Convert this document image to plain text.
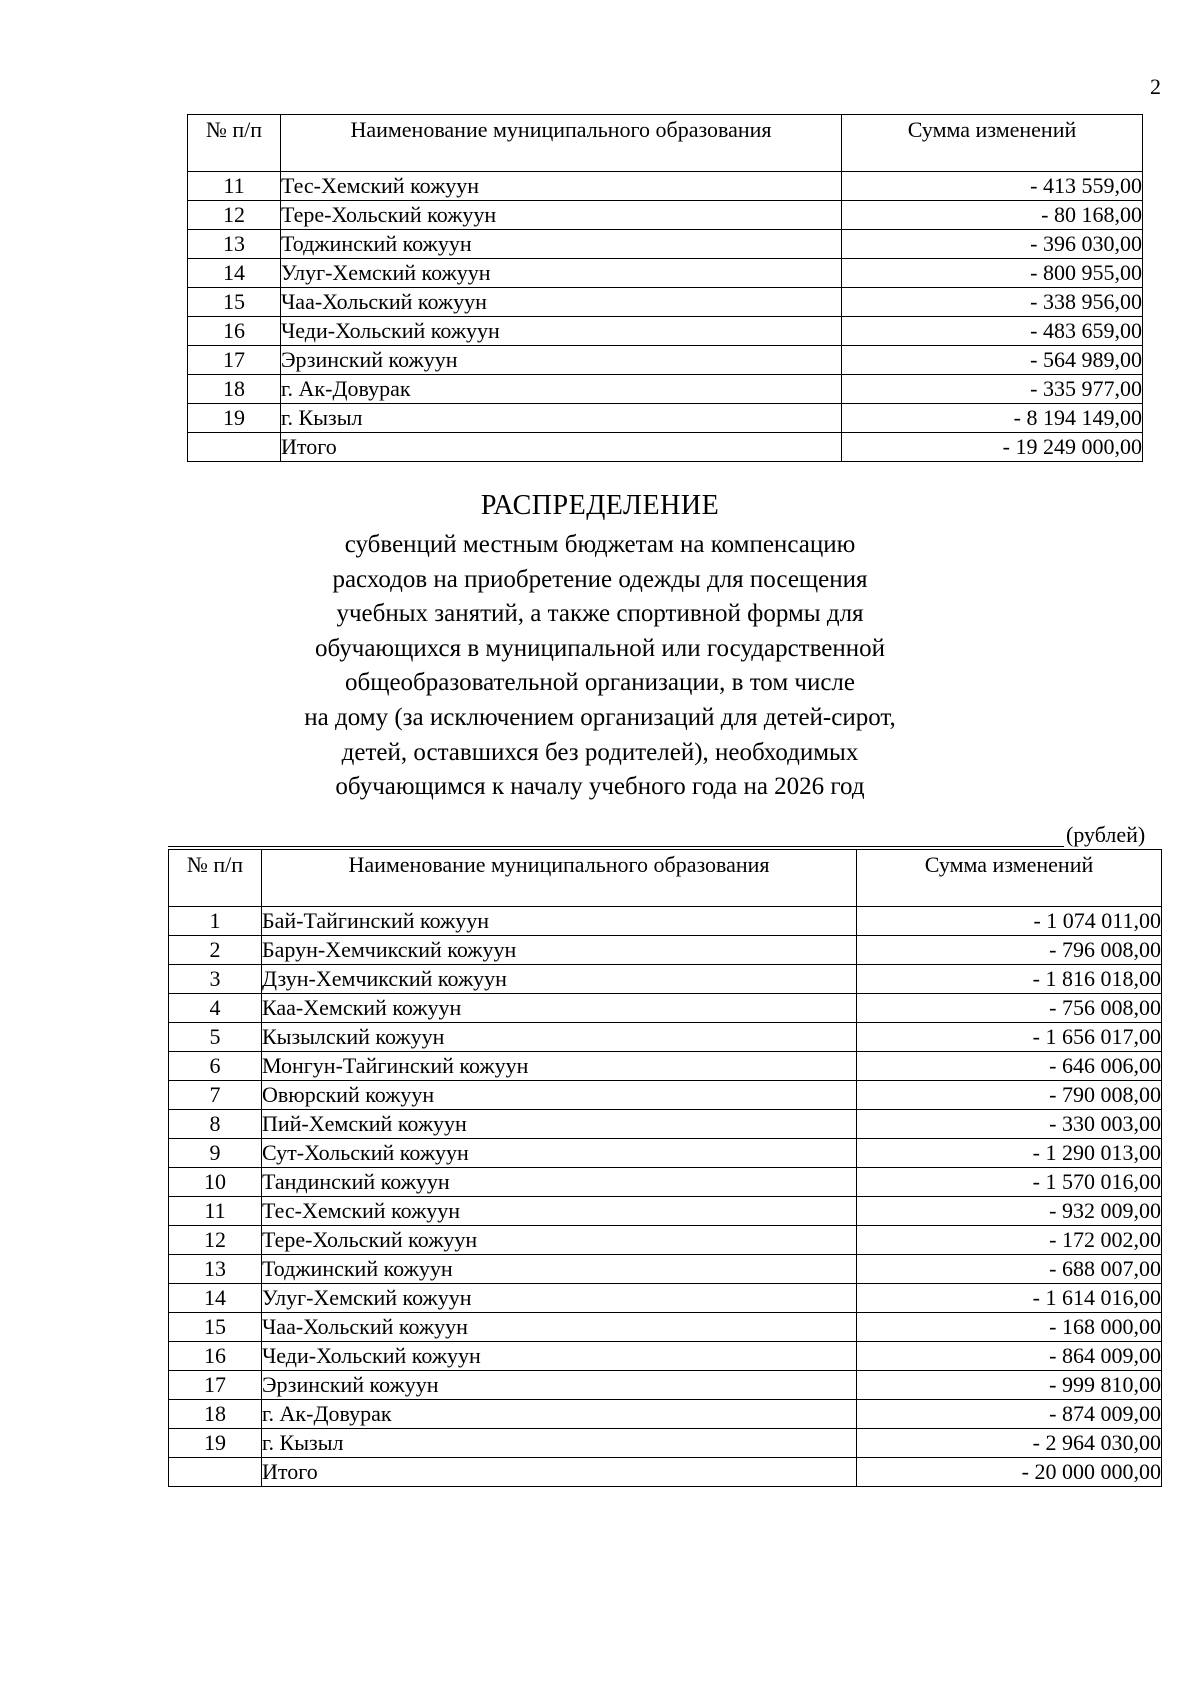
2
№ п/п	Наименование муниципального образования	Сумма изменений
11	Тес-Хемский кожуун	- 413 559,00
12	Тере-Хольский кожуун	- 80 168,00
13	Тоджинский кожуун	- 396 030,00
14	Улуг-Хемский кожуун	- 800 955,00
15	Чаа-Хольский кожуун	- 338 956,00
16	Чеди-Хольский кожуун	- 483 659,00
17	Эрзинский кожуун	- 564 989,00
18	г. Ак-Довурак	- 335 977,00
19	г. Кызыл	- 8 194 149,00
	Итого	- 19 249 000,00
РАСПРЕДЕЛЕНИЕ
субвенций местным бюджетам на компенсацию
расходов на приобретение одежды для посещения
учебных занятий, а также спортивной формы для
обучающихся в муниципальной или государственной
общеобразовательной организации, в том числе
на дому (за исключением организаций для детей-сирот,
детей, оставшихся без родителей), необходимых
обучающимся к началу учебного года на 2026 год
(рублей)
№ п/п	Наименование муниципального образования	Сумма изменений
1	Бай-Тайгинский кожуун	- 1 074 011,00
2	Барун-Хемчикский кожуун	- 796 008,00
3	Дзун-Хемчикский кожуун	- 1 816 018,00
4	Каа-Хемский кожуун	- 756 008,00
5	Кызылский кожуун	- 1 656 017,00
6	Монгун-Тайгинский кожуун	- 646 006,00
7	Овюрский кожуун	- 790 008,00
8	Пий-Хемский кожуун	- 330 003,00
9	Сут-Хольский кожуун	- 1 290 013,00
10	Тандинский кожуун	- 1 570 016,00
11	Тес-Хемский кожуун	- 932 009,00
12	Тере-Хольский кожуун	- 172 002,00
13	Тоджинский кожуун	- 688 007,00
14	Улуг-Хемский кожуун	- 1 614 016,00
15	Чаа-Хольский кожуун	- 168 000,00
16	Чеди-Хольский кожуун	- 864 009,00
17	Эрзинский кожуун	- 999 810,00
18	г. Ак-Довурак	- 874 009,00
19	г. Кызыл	- 2 964 030,00
	Итого	- 20 000 000,00
